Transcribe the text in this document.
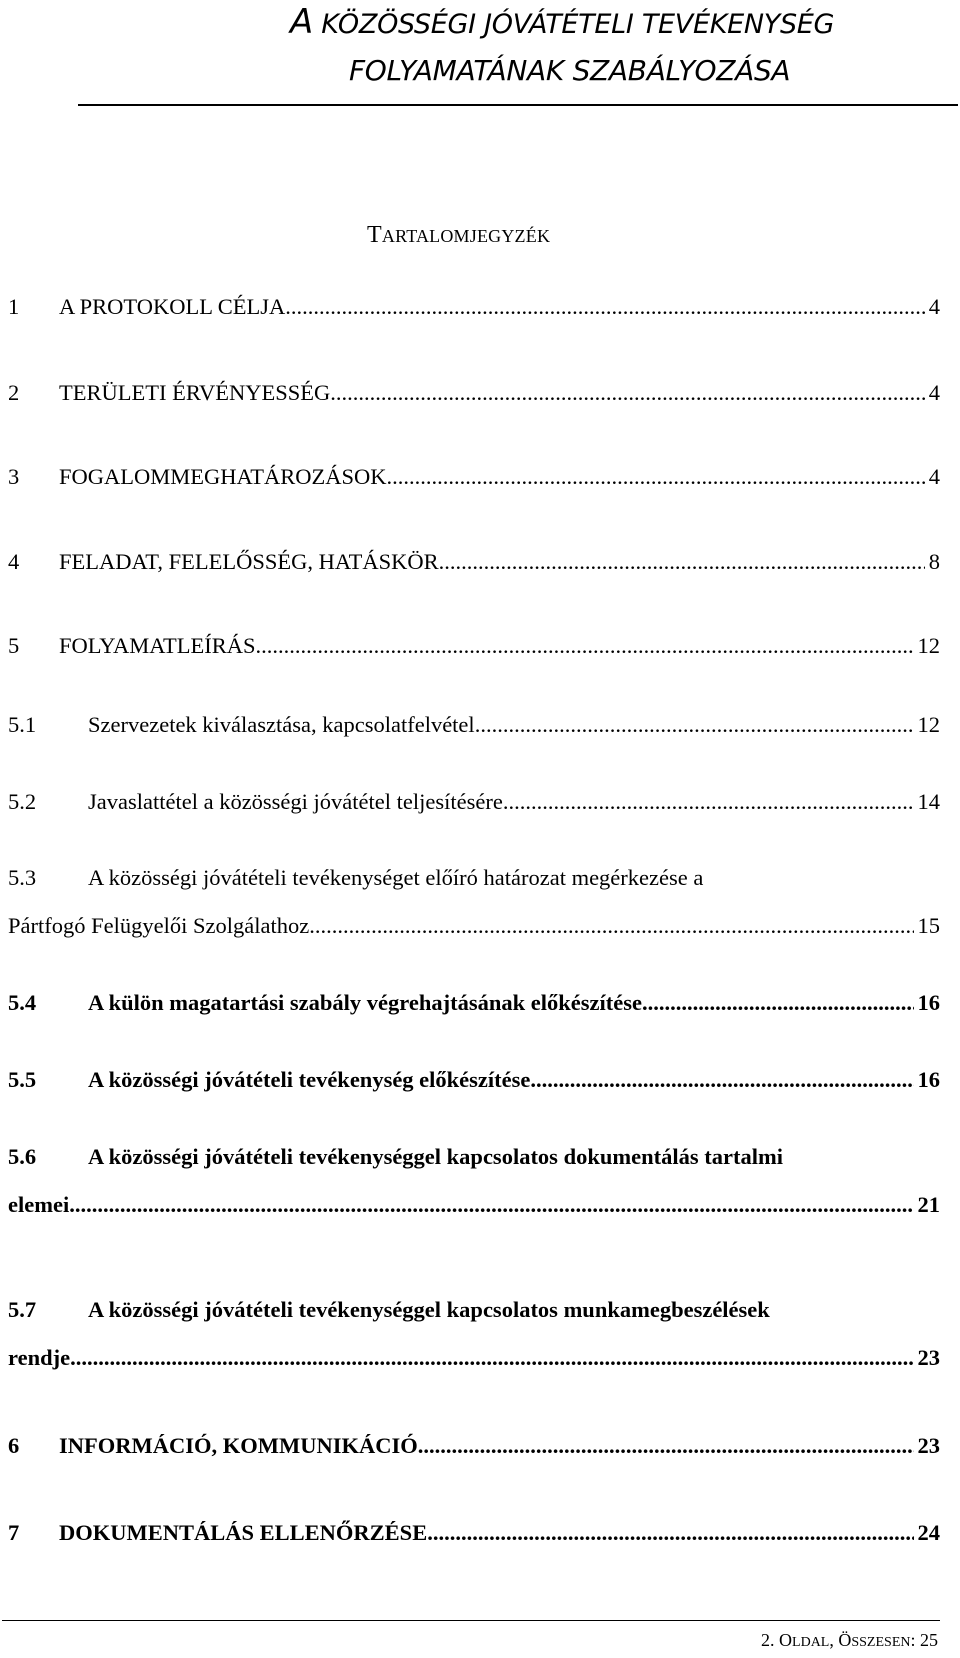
A KÖZÖSSÉGI JÓVÁTÉTELI TEVÉKENYSÉG
FOLYAMATÁNAK SZABÁLYOZÁSA
TARTALOMJEGYZÉK
1 A PROTOKOLL CÉLJA .....	4
2 TERÜLETI ÉRVÉNYESSÉG .....	4
3 FOGALOMMEGHATÁROZÁSOK .....	4
4 FELADAT, FELELŐSSÉG, HATÁSKÖR .....	8
5 FOLYAMATLEÍRÁS .....	12
5.1 Szervezetek kiválasztása, kapcsolatfelvétel .....	12
5.2 Javaslattétel a közösségi jóvátétel teljesítésére .....	14
5.3 A közösségi jóvátételi tevékenységet előíró határozat megérkezése a
Pártfogó Felügyelői Szolgálathoz .....	15
5.4 A külön magatartási szabály végrehajtásának előkészítése .....	16
5.5 A közösségi jóvátételi tevékenység előkészítése .....	16
5.6 A közösségi jóvátételi tevékenységgel kapcsolatos dokumentálás tartalmi
elemei .....	21
5.7 A közösségi jóvátételi tevékenységgel kapcsolatos munkamegbeszélések
rendje .....	23
6 INFORMÁCIÓ, KOMMUNIKÁCIÓ .....	23
7 DOKUMENTÁLÁS ELLENŐRZÉSE .....	24
2. OLDAL, ÖSSZESEN: 25
